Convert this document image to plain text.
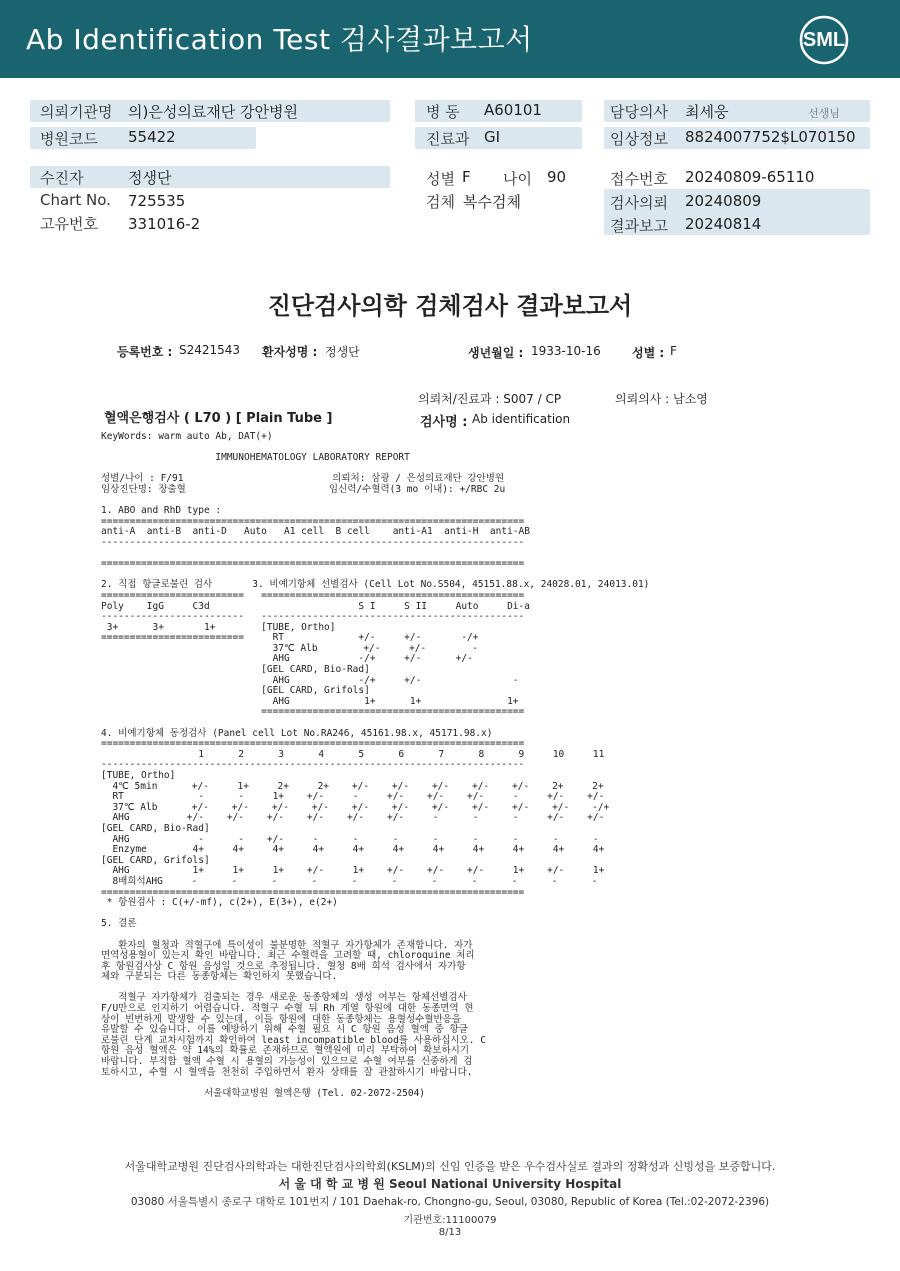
Ab Identification Test 검사결과보고서	SML
의뢰기관명 의)은성의료재단 강안병원
병원코드 55422
병 동 A60101
진료과 GI
담당의사 최세웅	선생님
임상정보 8824007752$L070150
수진자	정생단
Chart No. 725535
고유번호 331016-2
성별 F 나이 90
검체 복수검체
접수번호 20240809-65110
검사의뢰 20240809
결과보고 20240814
진단검사의학 검체검사 결과보고서
등록번호 : S2421543 환자성명 : 정생단	생년월일 : 1933-10-16	성별 : F
의뢰처/진료과 : S007 / CP	의뢰의사 : 남소영
혈액은행검사 ( L70 ) [ Plain Tube ]	검사명 : Ab identification
KeyWords: warm auto Ab, DAT(+)

IMMUNOHEMATOLOGY LABORATORY REPORT

성별/나이 : F/91                          의뢰처: 삼광 / 은성의료재단 강안병원
임상진단명: 장출혈                         임신력/수혈력(3 mo 이내): +/RBC 2u

1. ABO and RhD type :
==========================================================================
anti-A  anti-B  anti-D   Auto   A1 cell  B cell    anti-A1  anti-H  anti-AB
--------------------------------------------------------------------------

==========================================================================

2. 직접 항글로불린 검사       3. 비예기항체 선별검사 (Cell Lot No.S504, 45151.88.x, 24028.01, 24013.01)
=========================   ==============================================
Poly    IgG     C3d                          S I     S II     Auto     Di-a
-------------------------   ----------------------------------------------
3+      3+       1+        [TUBE, Ortho]
=========================     RT             +/-     +/-       -/+
37℃ Alb        +/-     +/-        -
AHG            -/+     +/-      +/-
[GEL CARD, Bio-Rad]
AHG            -/+     +/-                -
[GEL CARD, Grifols]
AHG             1+      1+               1+
==============================================

4. 비예기항체 동정검사 (Panel cell Lot No.RA246, 45161.98.x, 45171.98.x)
==========================================================================
1      2      3      4      5      6      7      8      9     10     11
--------------------------------------------------------------------------
[TUBE, Ortho]
4℃ 5min      +/-     1+     2+     2+    +/-    +/-    +/-    +/-    +/-    2+     2+
RT             -      -     1+    +/-     -     +/-    +/-    +/-     -     +/-    +/-
37℃ Alb      +/-    +/-    +/-    +/-    +/-    +/-    +/-    +/-    +/-    +/-    -/+
AHG          +/-    +/-    +/-    +/-    +/-    +/-     -      -      -     +/-    +/-
[GEL CARD, Bio-Rad]
AHG            -      -    +/-     -      -      -      -      -      -      -      -
Enzyme        4+     4+     4+     4+     4+     4+     4+     4+     4+     4+     4+
[GEL CARD, Grifols]
AHG           1+     1+     1+    +/-     1+    +/-    +/-    +/-     1+    +/-     1+
8배희석AHG     -      -      -      -      -      -      -      -      -      -      -
==========================================================================
* 항원검사 : C(+/-mf), c(2+), E(3+), e(2+)

5. 결론

환자의 혈청과 적혈구에 특이성이 불분명한 적혈구 자가항체가 존재합니다. 자가
면역성용혈이 있는지 확인 바랍니다. 최근 수혈력을 고려할 때, chloroquine 처리
후 항원검사상 C 항원 음성일 것으로 추정됩니다. 혈청 8배 희석 검사에서 자가항
체와 구분되는 다른 동종항체는 확인하지 못했습니다.

적혈구 자가항체가 검출되는 경우 새로운 동종항체의 생성 여부는 항체선별검사
F/U만으로 인지하기 어렵습니다. 적혈구 수혈 뒤 Rh 계열 항원에 대한 동종면역 현
상이 빈번하게 발생할 수 있는데, 이들 항원에 대한 동종항체는 용혈성수혈반응을
유발할 수 있습니다. 이를 예방하기 위해 수혈 필요 시 C 항원 음성 혈액 중 항글
로불린 단계 교차시험까지 확인하여 least incompatible blood를 사용하십시오. C
항원 음성 혈액은 약 14%의 확률로 존재하므로 혈액원에 미리 부탁하여 확보하시기
바랍니다. 부적합 혈액 수혈 시 용혈의 가능성이 있으므로 수혈 여부를 신중하게 검
토하시고, 수혈 시 혈액을 천천히 주입하면서 환자 상태를 잘 관찰하시기 바랍니다.

서울대학교병원 혈액은행 (Tel. 02-2072-2504)
서울대학교병원 진단검사의학과는 대한진단검사의학회(KSLM)의 신임 인증을 받은 우수검사실로 결과의 정확성과 신빙성을 보증합니다.
서 울 대 학 교 병 원 Seoul National University Hospital
03080 서울특별시 종로구 대학로 101번지 / 101 Daehak-ro, Chongno-gu, Seoul, 03080, Republic of Korea (Tel.:02-2072-2396)
기관번호:11100079
8/13
